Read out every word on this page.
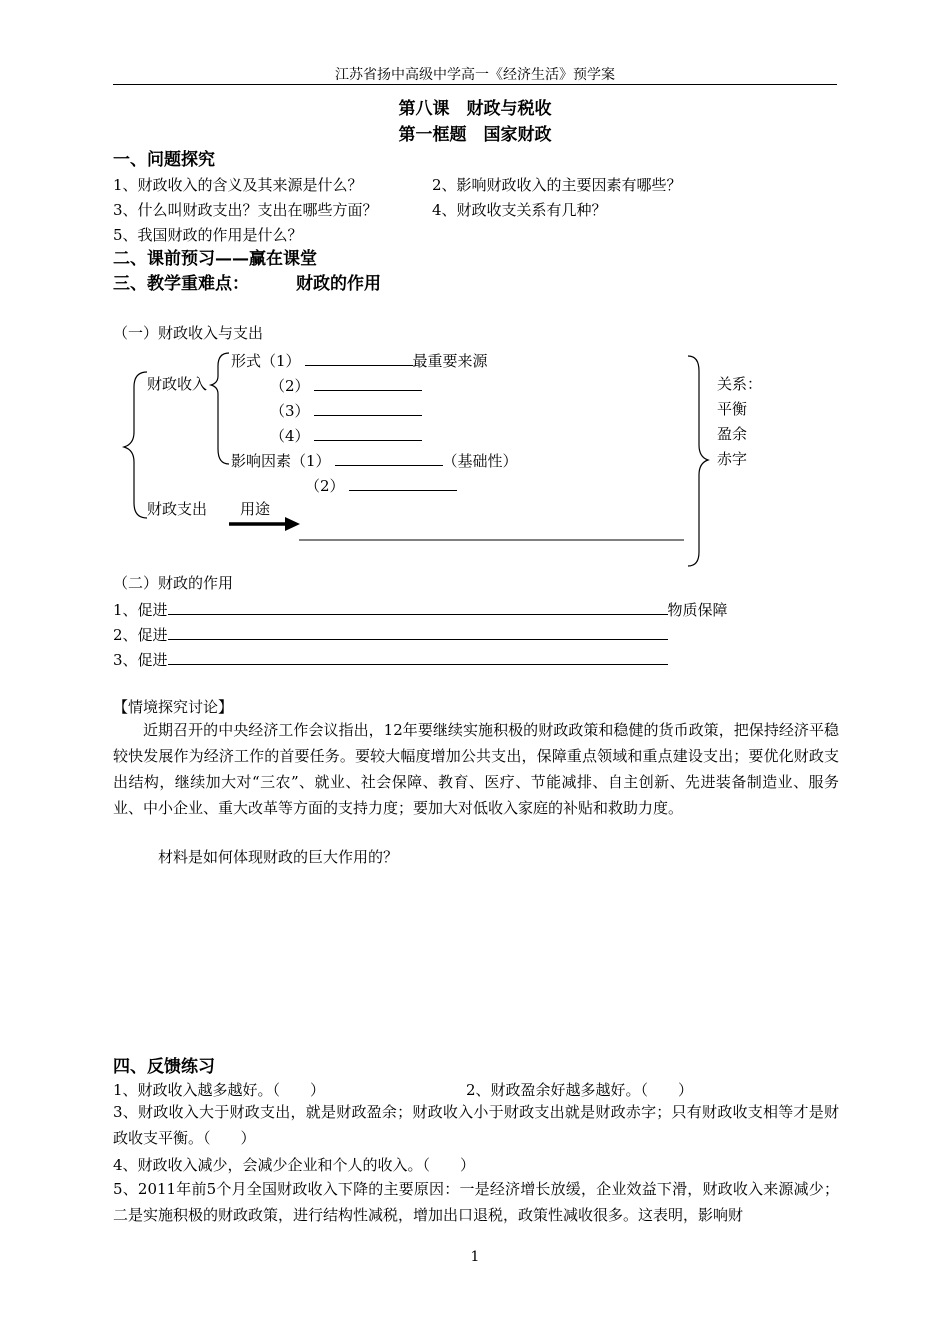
江苏省扬中高级中学高一《经济生活》预学案
第八课　财政与税收
第一框题　国家财政
一、问题探究
1、财政收入的含义及其来源是什么？	2、影响财政收入的主要因素有哪些？
3、什么叫财政支出？支出在哪些方面？	4、财政收支关系有几种？
5、我国财政的作用是什么？
二、课前预习——赢在课堂
三、教学重难点：	财政的作用
（一）财政收入与支出
形式（1）	最重要来源
财政收入	（2）
（3）
（4）
影响因素（1）	（基础性）
（2）
财政支出 用途
关系：
平衡
盈余
赤字
（二）财政的作用
1、促进	物质保障
2、促进
3、促进
【情境探究讨论】
近期召开的中央经济工作会议指出，12年要继续实施积极的财政政策和稳健的货币政策，把保持经济平稳较快发展作为经济工作的首要任务。要较大幅度增加公共支出，保障重点领域和重点建设支出；要优化财政支出结构，继续加大对“三农”、就业、社会保障、教育、医疗、节能减排、自主创新、先进装备制造业、服务业、中小企业、重大改革等方面的支持力度；要加大对低收入家庭的补贴和救助力度。
材料是如何体现财政的巨大作用的？
四、反馈练习
1、财政收入越多越好。（　　）	2、财政盈余好越多越好。（　　）
3、财政收入大于财政支出，就是财政盈余；财政收入小于财政支出就是财政赤字；只有财政收支相等才是财政收支平衡。（　　）
4、财政收入减少，会减少企业和个人的收入。（　　）
5、2011年前5个月全国财政收入下降的主要原因：一是经济增长放缓，企业效益下滑，财政收入来源减少；二是实施积极的财政政策，进行结构性减税，增加出口退税，政策性减收很多。这表明，影响财
1
